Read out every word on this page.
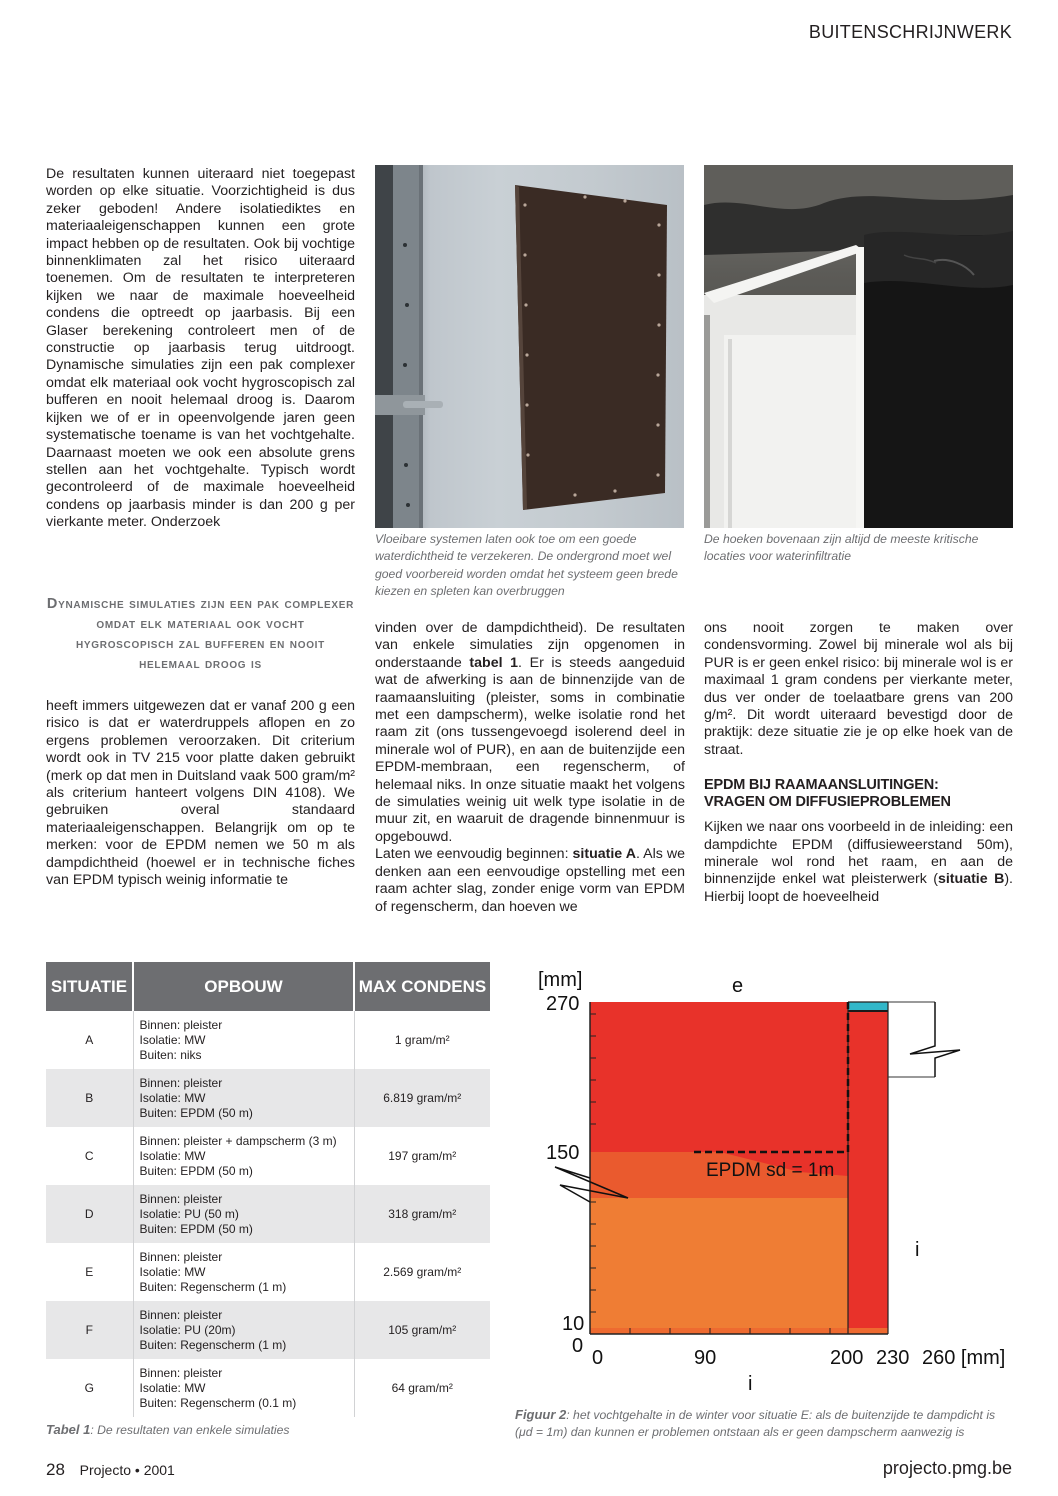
BUITENSCHRIJNWERK

De resultaten kunnen uiteraard niet toegepast worden op elke situatie. Voorzichtigheid is dus zeker geboden! Andere isolatiediktes en materiaaleigenschappen kunnen een grote impact hebben op de resultaten. Ook bij vochtige binnenklimaten zal het risico uiteraard toenemen. Om de resultaten te interpreteren kijken we naar de maximale hoeveelheid condens die optreedt op jaarbasis. Bij een Glaser berekening controleert men of de constructie op jaarbasis terug uitdroogt. Dynamische simulaties zijn een pak complexer omdat elk materiaal ook vocht hygroscopisch zal bufferen en nooit helemaal droog is. Daarom kijken we of er in opeenvolgende jaren geen systematische toename is van het vochtgehalte. Daarnaast moeten we ook een absolute grens stellen aan het vochtgehalte. Typisch wordt gecontroleerd of de maximale hoeveelheid condens op jaarbasis minder is dan 200 g per vierkante meter. Onderzoek

Dynamische simulaties zijn een pak complexer omdat elk materiaal ook vocht hygroscopisch zal bufferen en nooit helemaal droog is

heeft immers uitgewezen dat er vanaf 200 g een risico is dat er waterdruppels aflopen en zo ergens problemen veroorzaken. Dit criterium wordt ook in TV 215 voor platte daken gebruikt (merk op dat men in Duitsland vaak 500 gram/m² als criterium hanteert volgens DIN 4108). We gebruiken overal standaard materiaaleigenschappen. Belangrijk om op te merken: voor de EPDM nemen we 50 m als dampdichtheid (hoewel er in technische fiches van EPDM typisch weinig informatie te

Vloeibare systemen laten ook toe om een goede waterdichtheid te verzekeren. De ondergrond moet wel goed voorbereid worden omdat het systeem geen brede kiezen en spleten kan overbruggen
De hoeken bovenaan zijn altijd de meeste kritische locaties voor waterinfiltratie

vinden over de dampdichtheid). De resultaten van enkele simulaties zijn opgenomen in onderstaande tabel 1. Er is steeds aangeduid wat de afwerking is aan de binnenzijde van de raamaansluiting (pleister, soms in combinatie met een dampscherm), welke isolatie rond het raam zit (ons tussengevoegd isolerend deel in minerale wol of PUR), en aan de buitenzijde een EPDM-membraan, een regenscherm, of helemaal niks. In onze situatie maakt het volgens de simulaties weinig uit welk type isolatie in de muur zit, en waaruit de dragende binnenmuur is opgebouwd.

Laten we eenvoudig beginnen: situatie A. Als we denken aan een eenvoudige opstelling met een raam achter slag, zonder enige vorm van EPDM of regenscherm, dan hoeven we

ons nooit zorgen te maken over condensvorming. Zowel bij minerale wol als bij PUR is er geen enkel risico: bij minerale wol is er maximaal 1 gram condens per vierkante meter, dus ver onder de toelaatbare grens van 200 g/m². Dit wordt uiteraard bevestigd door de praktijk: deze situatie zie je op elke hoek van de straat.

EPDM BIJ RAAMAANSLUITINGEN:
VRAGEN OM DIFFUSIEPROBLEMEN

Kijken we naar ons voorbeeld in de inleiding: een dampdichte EPDM (diffusieweerstand 50m), minerale wol rond het raam, en aan de binnenzijde enkel wat pleisterwerk (situatie B). Hierbij loopt de hoeveelheid

SITUATIE	OPBOUW	MAX CONDENS
A	Binnen: pleister
Isolatie: MW
Buiten: niks	1 gram/m²
B	Binnen: pleister
Isolatie: MW
Buiten: EPDM (50 m)	6.819 gram/m²
C	Binnen: pleister + dampscherm (3 m)
Isolatie: MW
Buiten: EPDM (50 m)	197 gram/m²
D	Binnen: pleister
Isolatie: PU (50 m)
Buiten: EPDM (50 m)	318 gram/m²
E	Binnen: pleister
Isolatie: MW
Buiten: Regenscherm (1 m)	2.569 gram/m²
F	Binnen: pleister
Isolatie: PU (20m)
Buiten: Regenscherm (1 m)	105 gram/m²
G	Binnen: pleister
Isolatie: MW
Buiten: Regenscherm (0.1 m)	64 gram/m²
Tabel 1: De resultaten van enkele simulaties
[mm]
270
150
10
0
0	90	200 230 260 [mm]
e
i
i
EPDM sd = 1m
Figuur 2: het vochtgehalte in de winter voor situatie E: als de buitenzijde te dampdicht is (μd = 1m) dan kunnen er problemen ontstaan als er geen dampscherm aanwezig is
28 Projecto • 2001	projecto.pmg.be
